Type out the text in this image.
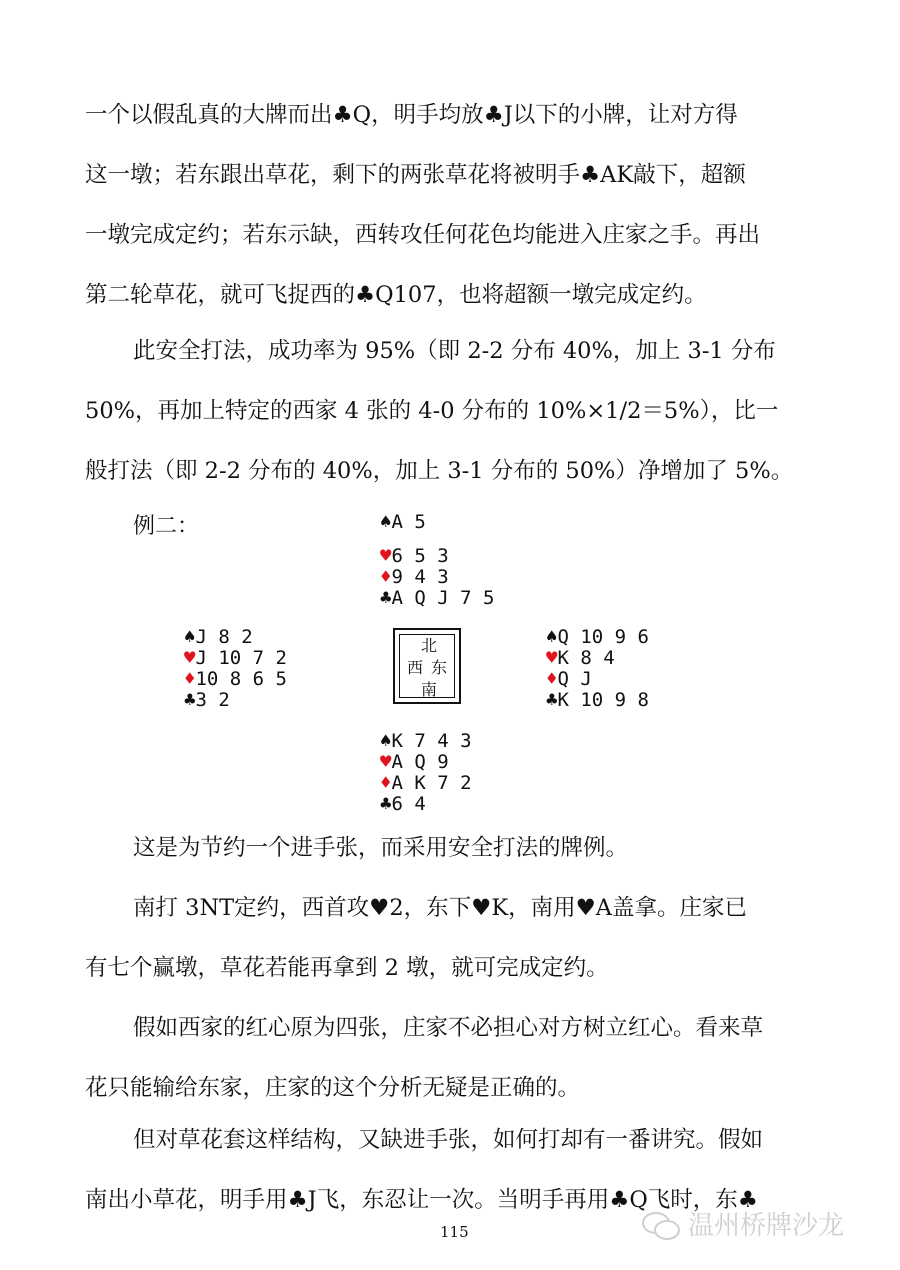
一个以假乱真的大牌而出♣Q，明手均放♣J以下的小牌，让对方得
这一墩；若东跟出草花，剩下的两张草花将被明手♣AK敲下，超额
一墩完成定约；若东示缺，西转攻任何花色均能进入庄家之手。再出
第二轮草花，就可飞捉西的♣Q107，也将超额一墩完成定约。
此安全打法，成功率为 95%（即 2-2 分布 40%，加上 3-1 分布
50%，再加上特定的西家 4 张的 4-0 分布的 10%×1/2＝5%），比一
般打法（即 2-2 分布的 40%，加上 3-1 分布的 50%）净增加了 5%。
例二：	♠A 5
♥6 5 3
♦9 4 3
♣A Q J 7 5
♠J 8 2
♥J 10 7 2
♦10 8 6 5
♣3 2
北
西 东
南
♠Q 10 9 6
♥K 8 4
♦Q J
♣K 10 9 8
♠K 7 4 3
♥A Q 9
♦A K 7 2
♣6 4
这是为节约一个进手张，而采用安全打法的牌例。
南打 3NT定约，西首攻♥2，东下♥K，南用♥A盖拿。庄家已
有七个赢墩，草花若能再拿到 2 墩，就可完成定约。
假如西家的红心原为四张，庄家不必担心对方树立红心。看来草
花只能输给东家，庄家的这个分析无疑是正确的。
但对草花套这样结构，又缺进手张，如何打却有一番讲究。假如
南出小草花，明手用♣J飞，东忍让一次。当明手再用♣Q飞时，东♣
115	温州桥牌沙龙
